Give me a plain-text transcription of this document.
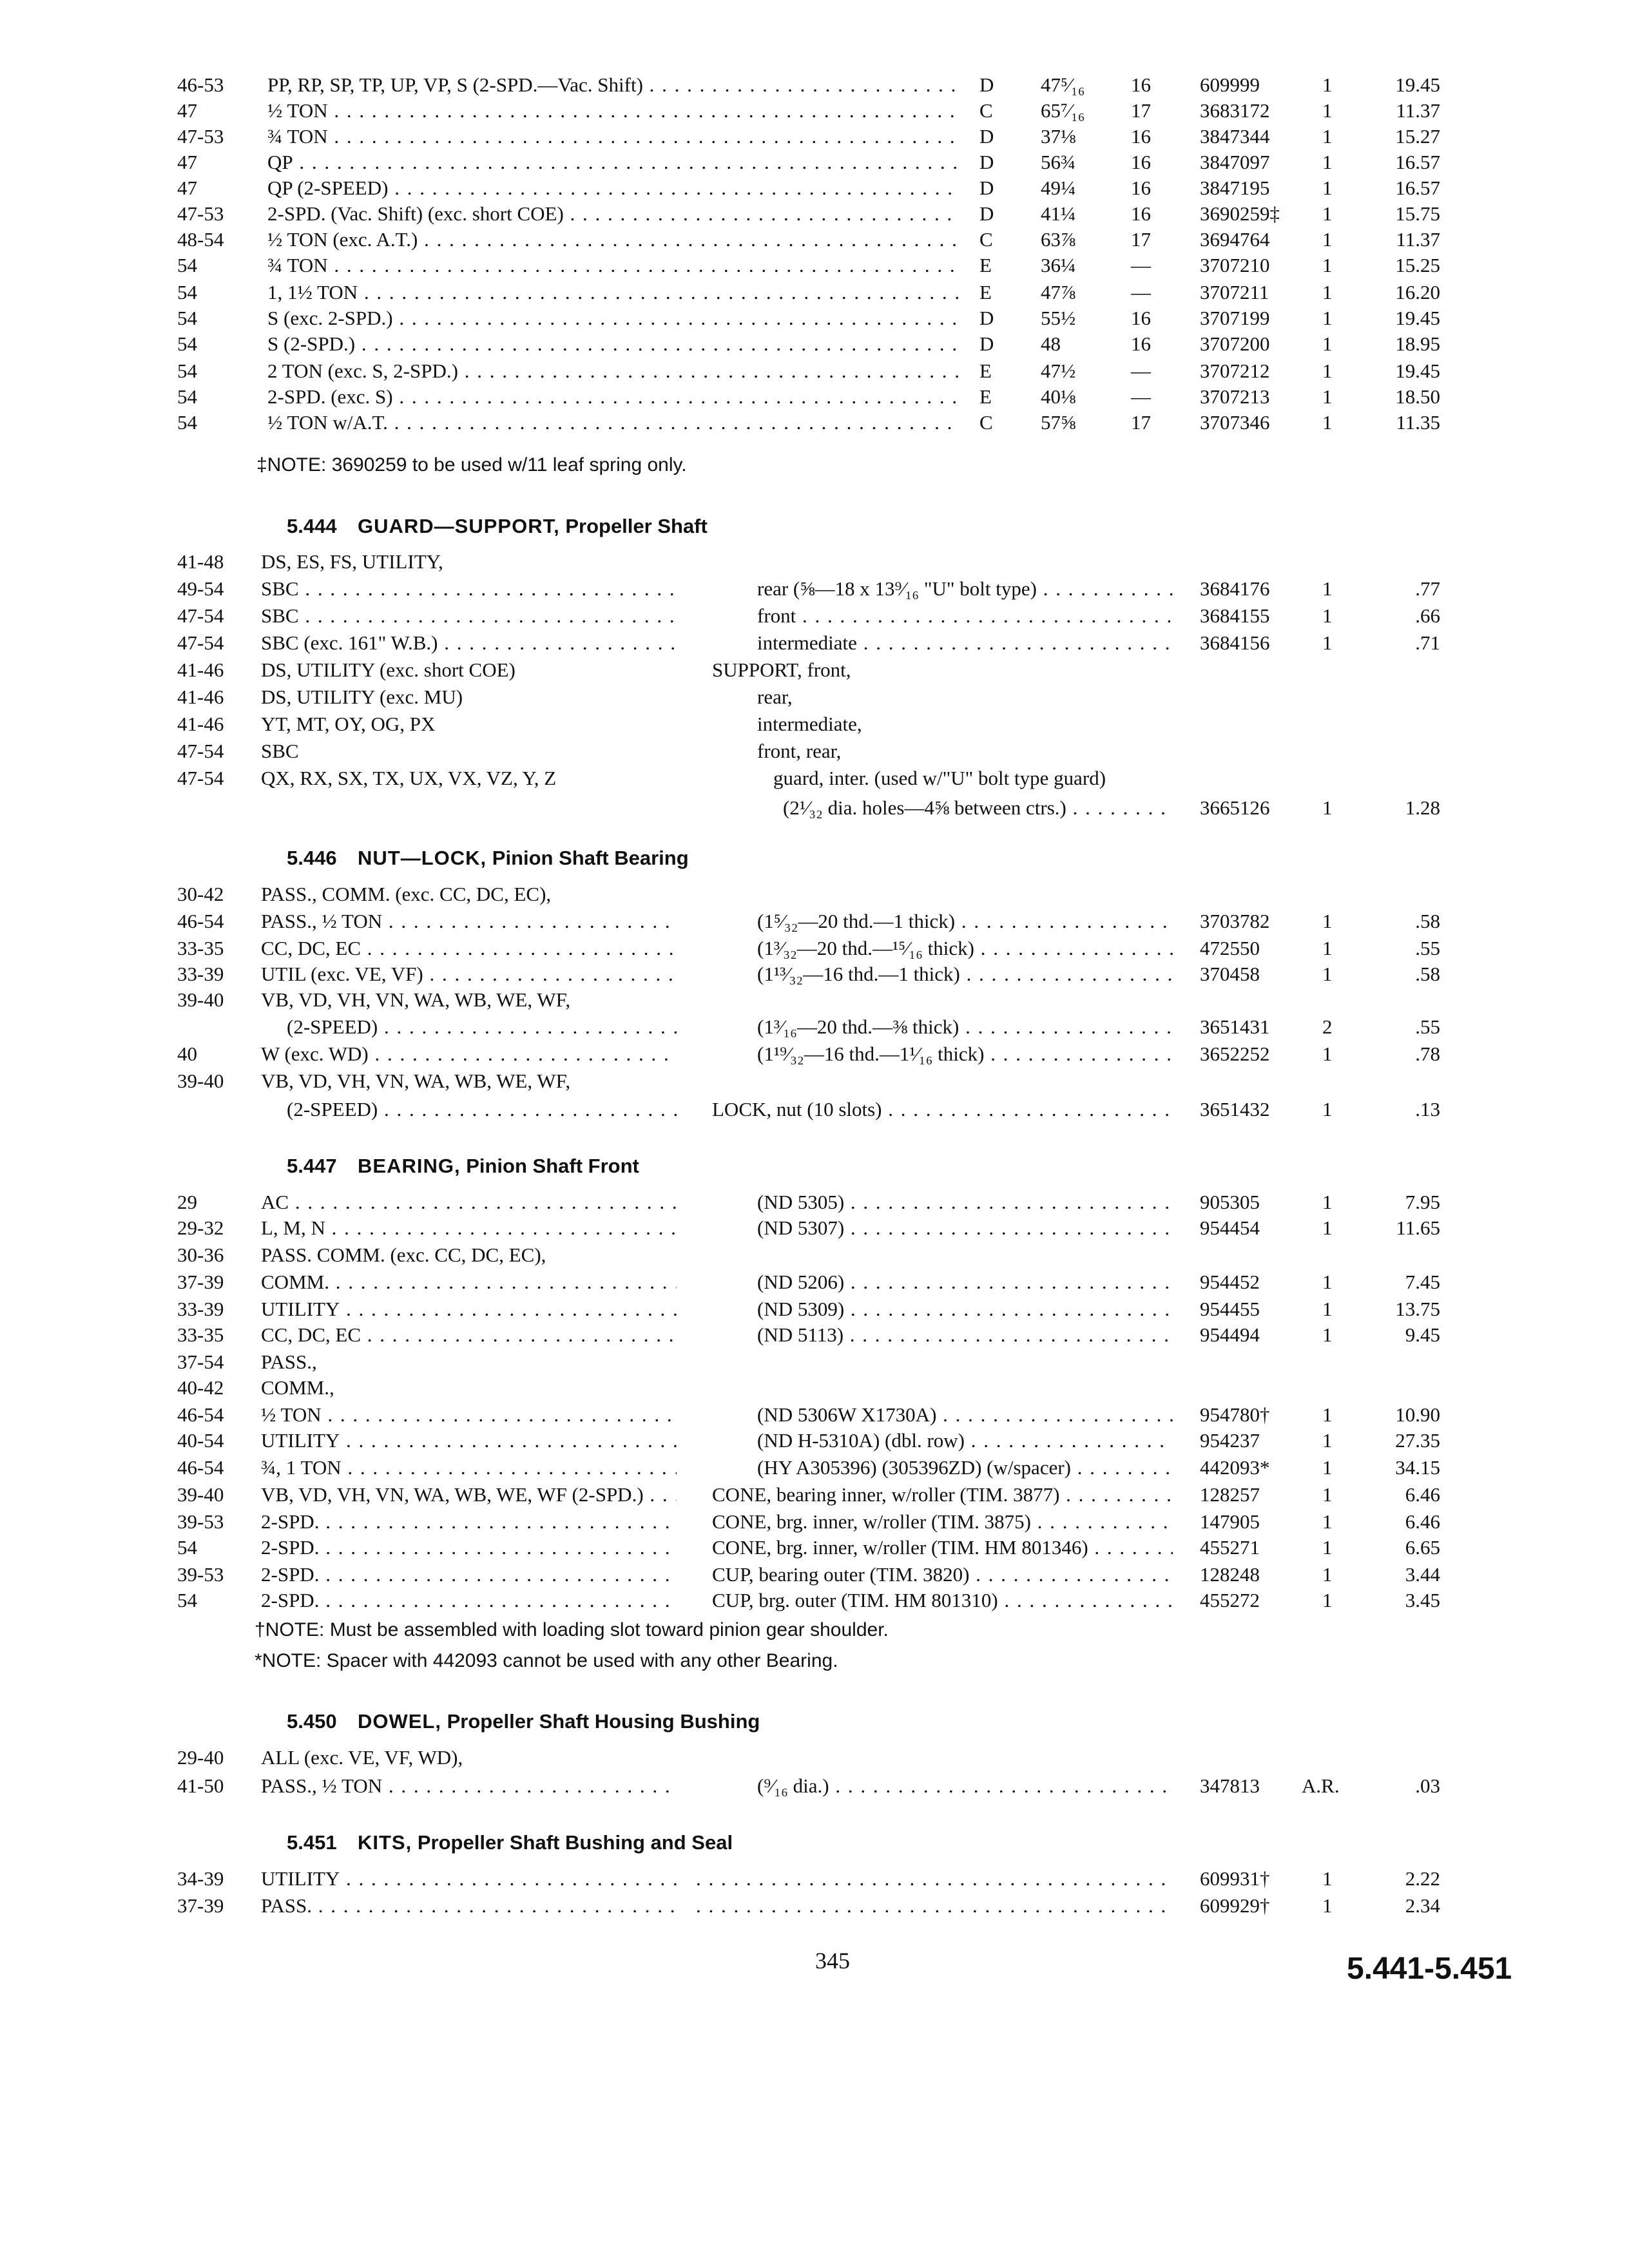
46-53	PP, RP, SP, TP, UP, VP, S (2-SPD.—Vac. Shift) . . .	D	47⁵⁄₁₆	16	609999	1	19.45
47	½ TON . . .	C	65⁷⁄₁₆	17	3683172	1	11.37
47-53	¾ TON . . .	D	37⅛	16	3847344	1	15.27
47	QP . . .	D	56¾	16	3847097	1	16.57
47	QP (2-SPEED) . . .	D	49¼	16	3847195	1	16.57
47-53	2-SPD. (Vac. Shift) (exc. short COE) . . .	D	41¼	16	3690259‡	1	15.75
48-54	½ TON (exc. A.T.) . . .	C	63⅞	17	3694764	1	11.37
54	¾ TON . . .	E	36¼	—	3707210	1	15.25
54	1, 1½ TON . . .	E	47⅞	—	3707211	1	16.20
54	S (exc. 2-SPD.) . . .	D	55½	16	3707199	1	19.45
54	S (2-SPD.) . . .	D	48	16	3707200	1	18.95
54	2 TON (exc. S, 2-SPD.) . . .	E	47½	—	3707212	1	19.45
54	2-SPD. (exc. S) . . .	E	40⅛	—	3707213	1	18.50
54	½ TON w/A.T. . . .	C	57⅝	17	3707346	1	11.35
‡NOTE: 3690259 to be used w/11 leaf spring only.
5.444 GUARD—SUPPORT, Propeller Shaft
41-48	DS, ES, FS, UTILITY,
49-54	SBC . . .	rear (⅝—18 x 13⁹⁄₁₆ "U" bolt type) . . .	3684176	1	.77
47-54	SBC . . .	front . . .	3684155	1	.66
47-54	SBC (exc. 161" W.B.) . . .	intermediate . . .	3684156	1	.71
41-46	DS, UTILITY (exc. short COE)	SUPPORT, front,
41-46	DS, UTILITY (exc. MU)	rear,
41-46	YT, MT, OY, OG, PX	intermediate,
47-54	SBC	front, rear,
47-54	QX, RX, SX, TX, UX, VX, VZ, Y, Z	guard, inter. (used w/"U" bolt type guard)
(2¹⁄₃₂ dia. holes—4⅝ between ctrs.) . . .	3665126	1	1.28
5.446 NUT—LOCK, Pinion Shaft Bearing
30-42	PASS., COMM. (exc. CC, DC, EC),
46-54	PASS., ½ TON . . .	(1⁵⁄₃₂—20 thd.—1 thick) . . .	3703782	1	.58
33-35	CC, DC, EC . . .	(1³⁄₃₂—20 thd.—¹⁵⁄₁₆ thick) . . .	472550	1	.55
33-39	UTIL (exc. VE, VF) . . .	(1¹³⁄₃₂—16 thd.—1 thick) . . .	370458	1	.58
39-40	VB, VD, VH, VN, WA, WB, WE, WF,
(2-SPEED) . . .	(1³⁄₁₆—20 thd.—⅜ thick) . . .	3651431	2	.55
40	W (exc. WD) . . .	(1¹⁹⁄₃₂—16 thd.—1¹⁄₁₆ thick) . . .	3652252	1	.78
39-40	VB, VD, VH, VN, WA, WB, WE, WF,
(2-SPEED) . . .	LOCK, nut (10 slots) . . .	3651432	1	.13
5.447 BEARING, Pinion Shaft Front
29	AC . . .	(ND 5305) . . .	905305	1	7.95
29-32	L, M, N . . .	(ND 5307) . . .	954454	1	11.65
30-36	PASS. COMM. (exc. CC, DC, EC),
37-39	COMM. . . .	(ND 5206) . . .	954452	1	7.45
33-39	UTILITY . . .	(ND 5309) . . .	954455	1	13.75
33-35	CC, DC, EC . . .	(ND 5113) . . .	954494	1	9.45
37-54	PASS.,
40-42	COMM.,
46-54	½ TON . . .	(ND 5306W X1730A) . . .	954780†	1	10.90
40-54	UTILITY . . .	(ND H-5310A) (dbl. row) . . .	954237	1	27.35
46-54	¾, 1 TON . . .	(HY A305396) (305396ZD) (w/spacer) . . .	442093*	1	34.15
39-40	VB, VD, VH, VN, WA, WB, WE, WF (2-SPD.) . . .	CONE, bearing inner, w/roller (TIM. 3877) . . .	128257	1	6.46
39-53	2-SPD. . . .	CONE, brg. inner, w/roller (TIM. 3875) . . .	147905	1	6.46
54	2-SPD. . . .	CONE, brg. inner, w/roller (TIM. HM 801346) . . .	455271	1	6.65
39-53	2-SPD. . . .	CUP, bearing outer (TIM. 3820) . . .	128248	1	3.44
54	2-SPD. . . .	CUP, brg. outer (TIM. HM 801310) . . .	455272	1	3.45
†NOTE: Must be assembled with loading slot toward pinion gear shoulder.
*NOTE: Spacer with 442093 cannot be used with any other Bearing.
5.450 DOWEL, Propeller Shaft Housing Bushing
29-40	ALL (exc. VE, VF, WD),
41-50	PASS., ½ TON . . .	(⁹⁄₁₆ dia.) . . .	347813	A.R.	.03
5.451 KITS, Propeller Shaft Bushing and Seal
34-39	UTILITY . . . . . .	609931†	1	2.22
37-39	PASS. . . . . . .	609929†	1	2.34
345	5.441-5.451
